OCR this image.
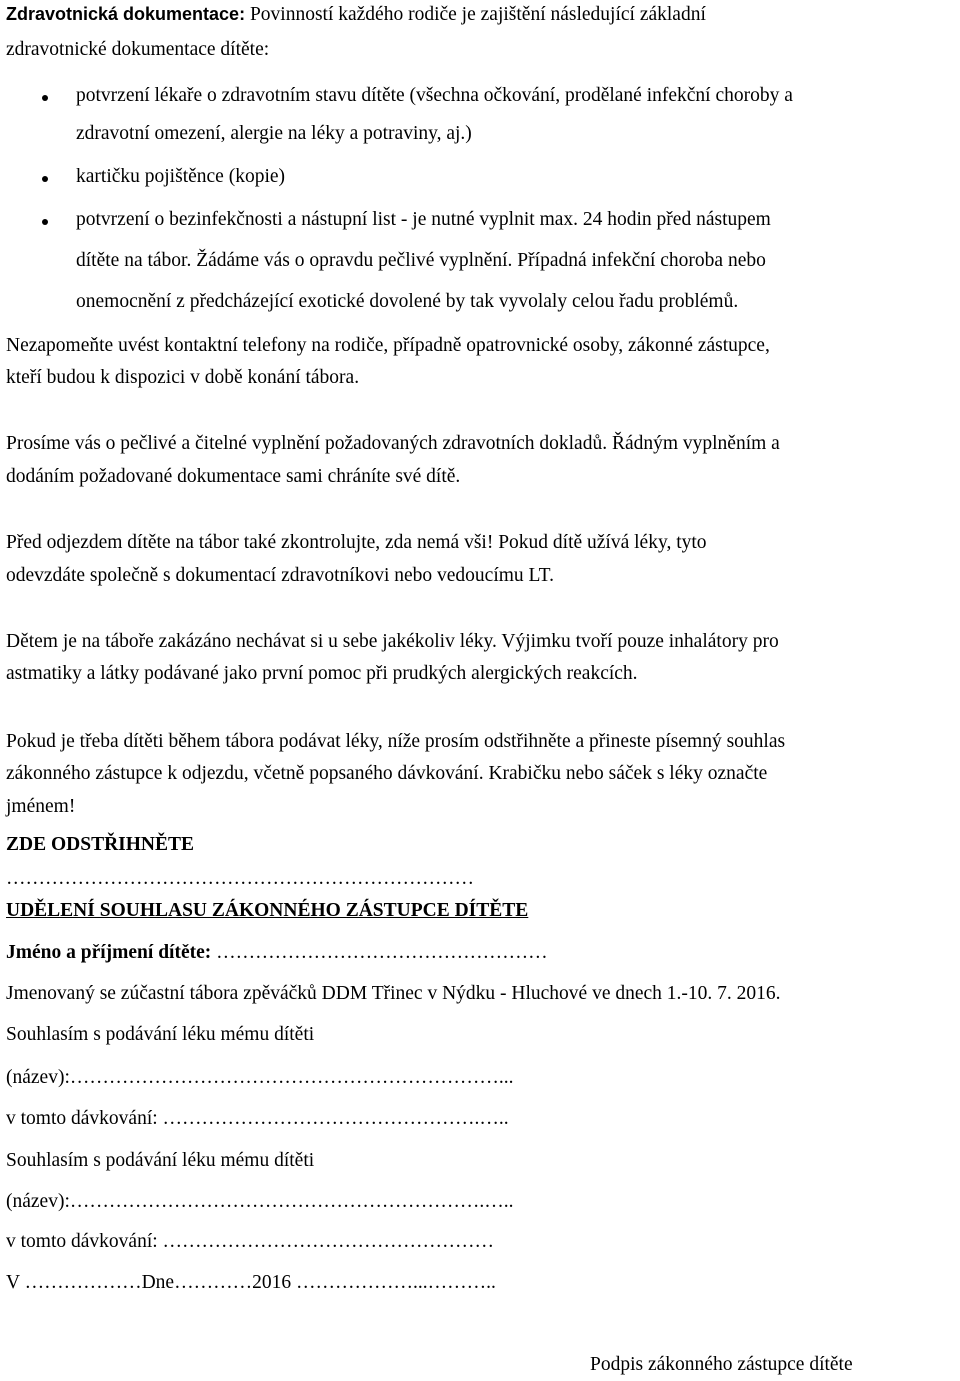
Zdravotnická dokumentace: Povinností každého rodiče je zajištění následující základní
zdravotnické dokumentace dítěte:
potvrzení lékaře o zdravotním stavu dítěte (všechna očkování, prodělané infekční choroby a
zdravotní omezení, alergie na léky a potraviny, aj.)
kartičku pojištěnce (kopie)
potvrzení o bezinfekčnosti a nástupní list - je nutné vyplnit max. 24 hodin před nástupem
dítěte na tábor. Žádáme vás o opravdu pečlivé vyplnění. Případná infekční choroba nebo
onemocnění z předcházející exotické dovolené by tak vyvolaly celou řadu problémů.
Nezapomeňte uvést kontaktní telefony na rodiče, případně opatrovnické osoby, zákonné zástupce,
kteří budou k dispozici v době konání tábora.
Prosíme vás o pečlivé a čitelné vyplnění požadovaných zdravotních dokladů. Řádným vyplněním a
dodáním požadované dokumentace sami chráníte své dítě.
Před odjezdem dítěte na tábor také zkontrolujte, zda nemá vši! Pokud dítě užívá léky, tyto
odevzdáte společně s dokumentací zdravotníkovi nebo vedoucímu LT.
Dětem je na táboře zakázáno nechávat si u sebe jakékoliv léky. Výjimku tvoří pouze inhalátory pro
astmatiky a látky podávané jako první pomoc při prudkých alergických reakcích.
Pokud je třeba dítěti během tábora podávat léky, níže prosím odstřihněte a přineste písemný souhlas
zákonného zástupce k odjezdu, včetně popsaného dávkování. Krabičku nebo sáček s léky označte
jménem!
ZDE ODSTŘIHNĚTE
………………………………………………………………
UDĚLENÍ SOUHLASU ZÁKONNÉHO ZÁSTUPCE DÍTĚTE
Jméno a příjmení dítěte: ……………………………………………
Jmenovaný se zúčastní tábora zpěváčků DDM Třinec v Nýdku - Hluchové ve dnech 1.-10. 7. 2016.
Souhlasím s podávání léku mému dítěti
(název):…………………………………………………………...
v tomto dávkování: ………………………………………….…..
Souhlasím s podávání léku mému dítěti
(název):……………………………………………………….…..
v tomto dávkování: ……………………………………………
V ………………Dne…………2016 ………………...………..
Podpis zákonného zástupce dítěte
